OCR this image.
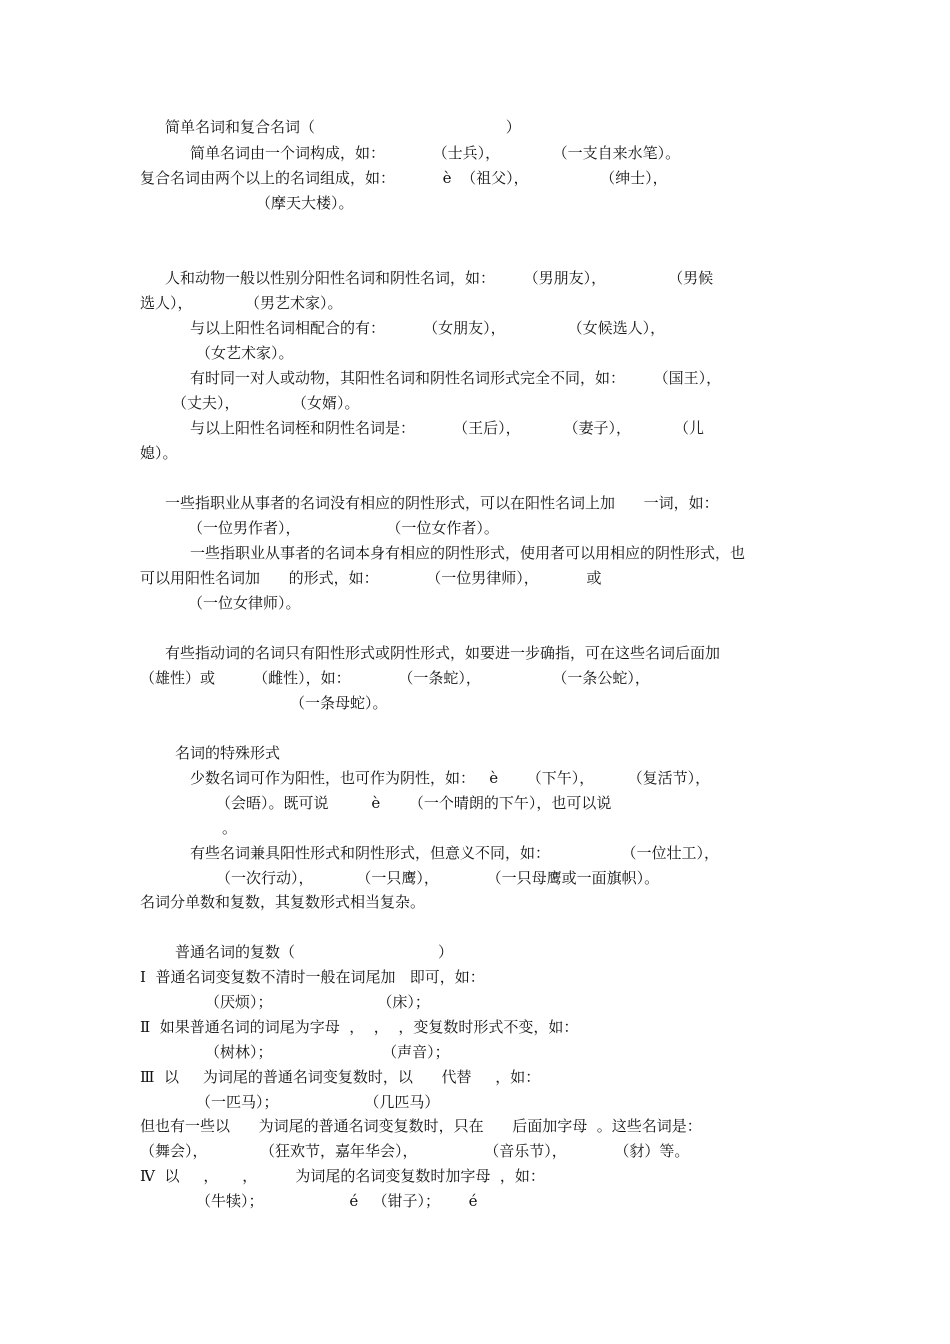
简单名词和复合名词（                                        ）
简单名词由一个词构成，如：          （士兵），           （一支自来水笔）。
复合名词由两个以上的名词组成，如：          è  （祖父），               （绅士），
（摩天大楼）。
人和动物一般以性别分阳性名词和阴性名词，如：      （男朋友），             （男候
选人），           （男艺术家）。
与以上阳性名词相配合的有：        （女朋友），             （女候选人），
（女艺术家）。
有时同一对人或动物，其阳性名词和阴性名词形式完全不同，如：      （国王），
（丈夫），           （女婿）。
与以上阳性名词桎和阴性名词是：        （王后），         （妻子），         （儿
媳）。
一些指职业从事者的名词没有相应的阴性形式，可以在阳性名词上加      一词，如：
（一位男作者），                  （一位女作者）。
一些指职业从事者的名词本身有相应的阴性形式，使用者可以用相应的阴性形式，也
可以用阳性名词加      的形式，如：          （一位男律师），          或
（一位女律师）。
有些指动词的名词只有阳性形式或阴性形式，如要进一步确指，可在这些名词后面加
（雄性）或        （雌性），如：          （一条蛇），               （一条公蛇），
（一条母蛇）。
名词的特殊形式
少数名词可作为阳性，也可作为阴性，如：   è      （下午），       （复活节），
（会晤）。既可说         è      （一个晴朗的下午），也可以说
。
有些名词兼具阳性形式和阴性形式，但意义不同，如：               （一位壮工），
（一次行动），         （一只鹰），          （一只母鹰或一面旗帜）。
名词分单数和复数，其复数形式相当复杂。
普通名词的复数（                              ）
Ⅰ  普通名词变复数不清时一般在词尾加   即可，如：
（厌烦）；                      （床）；
Ⅱ  如果普通名词的词尾为字母  ，  ，  ，变复数时形式不变，如：
（树林）；                       （声音）；
Ⅲ  以     为词尾的普通名词变复数时，以      代替     ，如：
（一匹马）；                  （几匹马）
但也有一些以      为词尾的普通名词变复数时，只在      后面加字母  。这些名词是：
（舞会），           （狂欢节，嘉年华会），              （音乐节），          （豺）等。
Ⅳ  以     ，     ，        为词尾的名词变复数时加字母  ，如：
（牛犊）；                  é   （钳子）；      é
